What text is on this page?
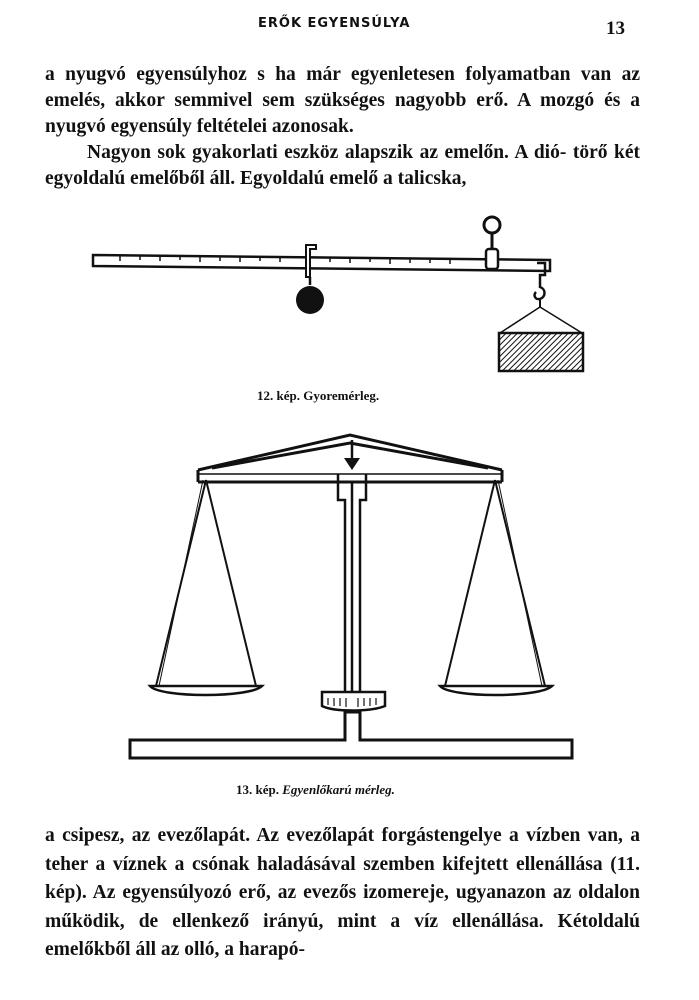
ERŐK EGYENSÚLYA	13

a nyugvó egyensúlyhoz s ha már egyenletesen folyamatban van az emelés, akkor semmivel sem szükséges nagyobb erő. A mozgó és a nyugvó egyensúly feltételei azonosak.
Nagyon sok gyakorlati eszköz alapszik az emelőn. A dió- törő két egyoldalú emelőből áll. Egyoldalú emelő a talicska,

12. kép. Gyoremérleg.
13. kép. Egyenlőkarú mérleg.

a csipesz, az evezőlapát. Az evezőlapát forgástengelye a vízben van, a teher a víznek a csónak haladásával szemben kifejtett ellenállása (11. kép). Az egyensúlyozó erő, az evezős izomereje, ugyanazon az oldalon működik, de ellenkező irányú, mint a víz ellenállása. Kétoldalú emelőkből áll az olló, a harapó-
